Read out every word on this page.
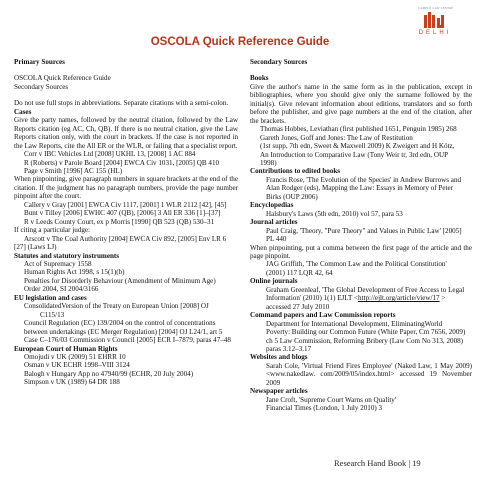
CAMPUS LAW CENTRE
DELHI
OSCOLA Quick Reference Guide
Primary Sources
OSCOLA Quick Reference Guide
Secondary Sources
Do not use full stops in abbreviations. Separate citations with a semi-colon.
Cases
Give the party names, followed by the neutral citation, followed by the Law Reports citation (eg AC, Ch, QB). If there is no neutral citation, give the Law Reports citation only, with the court in brackets. If the case is not reported in the Law Reports, cite the All ER or the WLR, or failing that a specialist report.
Corr v IBC Vehicles Ltd [2008] UKHL 13, [2008] 1 AC 884
R (Roberts) v Parole Board [2004] EWCA Civ 1031, [2005] QB 410
Page v Smith [1996] AC 155 (HL)
When pinpointing, give paragraph numbers in square brackets at the end of the citation. If the judgment has no paragraph numbers, provide the page number pinpoint after the court.
Callery v Gray [2001] EWCA Civ 1117, [2001] 1 WLR 2112 [42], [45]
Bunt v Tilley [2006] EWHC 407 (QB), [2006] 3 All ER 336 [1]–[37]
R v Leeds County Court, ex p Morris [1990] QB 523 (QB) 530–31
If citing a particular judge:
Arscott v The Coal Authority [2004] EWCA Civ 892, [2005] Env LR 6
[27] (Laws LJ)
Statutes and statutory instruments
Act of Supremacy 1558
Human Rights Act 1998, s 15(1)(b)
Penalties for Disorderly Behaviour (Amendment of Minimum Age)
Order 2004, SI 2004/3166
EU legislation and cases
ConsolidatedVersion of the Treaty on European Union [2008] OJ
C115/13
Council Regulation (EC) 139/2004 on the control of concentrations
between undertakings (EC Merger Regulation) [2004] OJ L24/1, art 5
Case C–176/03 Commission v Council [2005] ECR I–7879, paras 47–48
European Court of Human Rights
Omojudi v UK (2009) 51 EHRR 10
Osman v UK ECHR 1998–VIII 3124
Balogh v Hungary App no 47940/99 (ECHR, 20 July 2004)
Simpson v UK (1989) 64 DR 188
Secondary Sources
Books
Give the author's name in the same form as in the publication, except in bibliographies, where you should give only the surname followed by the initial(s). Give relevant information about editions, translators and so forth before the publisher, and give page numbers at the end of the citation, after the brackets.
Thomas Hobbes, Leviathan (first published 1651, Penguin 1985) 268
Gareth Jones, Goff and Jones: The Law of Restitution
(1st supp, 7th edn, Sweet & Maxwell 2009) K Zweigert and H Kötz,
An Introduction to Comparative Law (Tony Weir tr, 3rd edn, OUP
1998)
Contributions to edited books
Francis Rose, 'The Evolution of the Species' in Andrew Burrows and
Alan Rodger (eds), Mapping the Law: Essays in Memory of Peter
Birks (OUP 2006)
Encyclopedias
Halsbury's Laws (5th edn, 2010) vol 57, para 53
Journal articles
Paul Craig, 'Theory, "Pure Theory" and Values in Public Law' [2005]
PL 440
When pinpointing, put a comma between the first page of the article and the page pinpoint.
JAG Griffith, 'The Common Law and the Political Constitution'
(2001) 117 LQR 42, 64
Online journals
Graham Greenleaf, 'The Global Development of Free Access to Legal
Information' (2010) 1(1) EJLT <http://ejlt.org/article/view/17 >
accessed 27 July 2010
Command papers and Law Commission reports
Department for International Development, EliminatingWorld
Poverty: Building our Common Future (White Paper, Cm 7656, 2009)
ch 5 Law Commission, Reforming Bribery (Law Com No 313, 2008)
paras 3.12–3.17
Websites and blogs
Sarah Cole, 'Virtual Friend Fires Employee' (Naked Law, 1 May 2009) <www.nakedlaw. com/2009/05/index.html> accessed 19 November 2009
Newspaper articles
Jane Croft, 'Supreme Court Warns on Quality'
Financial Times (London, 1 July 2010) 3
Research Hand Book | 19
